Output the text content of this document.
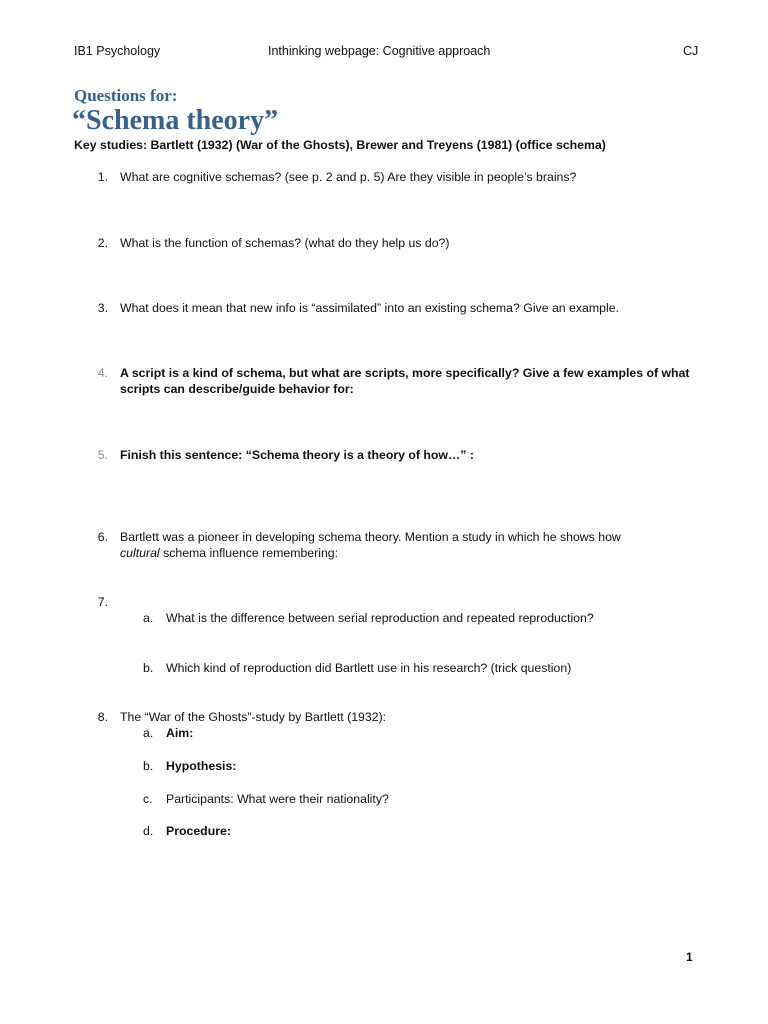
IB1 Psychology	Inthinking webpage: Cognitive approach	CJ
Questions for:
“Schema theory”
Key studies: Bartlett (1932) (War of the Ghosts), Brewer and Treyens (1981) (office schema)
1. What are cognitive schemas? (see p. 2 and p. 5) Are they visible in people’s brains?
2. What is the function of schemas? (what do they help us do?)
3. What does it mean that new info is “assimilated” into an existing schema? Give an example.
4. A script is a kind of schema, but what are scripts, more specifically? Give a few examples of what
scripts can describe/guide behavior for:
5. Finish this sentence: “Schema theory is a theory of how…” :
6. Bartlett was a pioneer in developing schema theory. Mention a study in which he shows how
cultural schema influence remembering:
7.
a. What is the difference between serial reproduction and repeated reproduction?
b. Which kind of reproduction did Bartlett use in his research? (trick question)
8. The “War of the Ghosts”-study by Bartlett (1932):
a. Aim:
b. Hypothesis:
c. Participants: What were their nationality?
d. Procedure:
1
